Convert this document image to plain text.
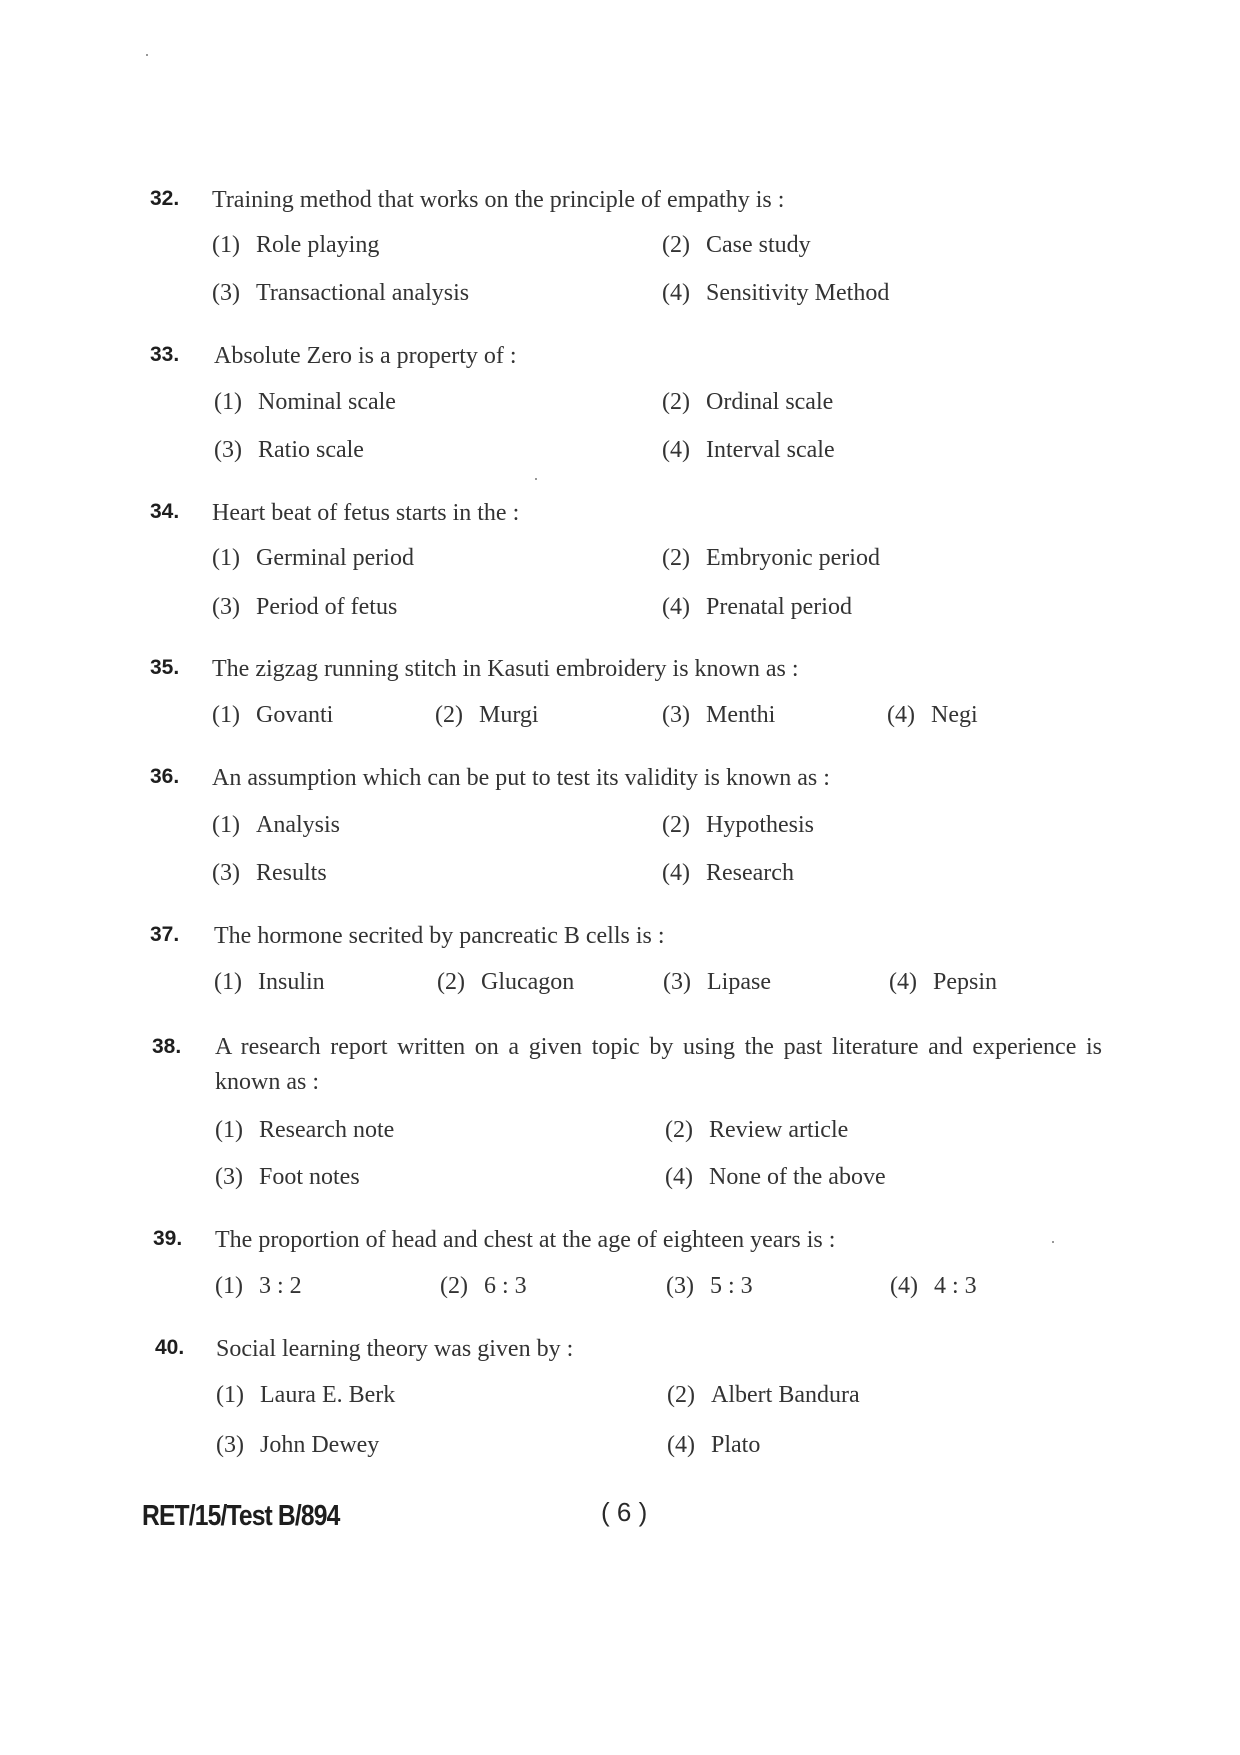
32. Training method that works on the principle of empathy is :
(1) Role playing	(2) Case study
(3) Transactional analysis	(4) Sensitivity Method
33. Absolute Zero is a property of :
(1) Nominal scale	(2) Ordinal scale
(3) Ratio scale	(4) Interval scale
34. Heart beat of fetus starts in the :
(1) Germinal period	(2) Embryonic period
(3) Period of fetus	(4) Prenatal period
35. The zigzag running stitch in Kasuti embroidery is known as :
(1) Govanti	(2) Murgi	(3) Menthi	(4) Negi
36. An assumption which can be put to test its validity is known as :
(1) Analysis	(2) Hypothesis
(3) Results	(4) Research
37. The hormone secrited by pancreatic B cells is :
(1) Insulin	(2) Glucagon	(3) Lipase	(4) Pepsin
38. A research report written on a given topic by using the past literature and experience is known as :
(1) Research note	(2) Review article
(3) Foot notes	(4) None of the above
39. The proportion of head and chest at the age of eighteen years is :
(1) 3 : 2	(2) 6 : 3	(3) 5 : 3	(4) 4 : 3
40. Social learning theory was given by :
(1) Laura E. Berk	(2) Albert Bandura
(3) John Dewey	(4) Plato
RET/15/Test B/894	( 6 )
